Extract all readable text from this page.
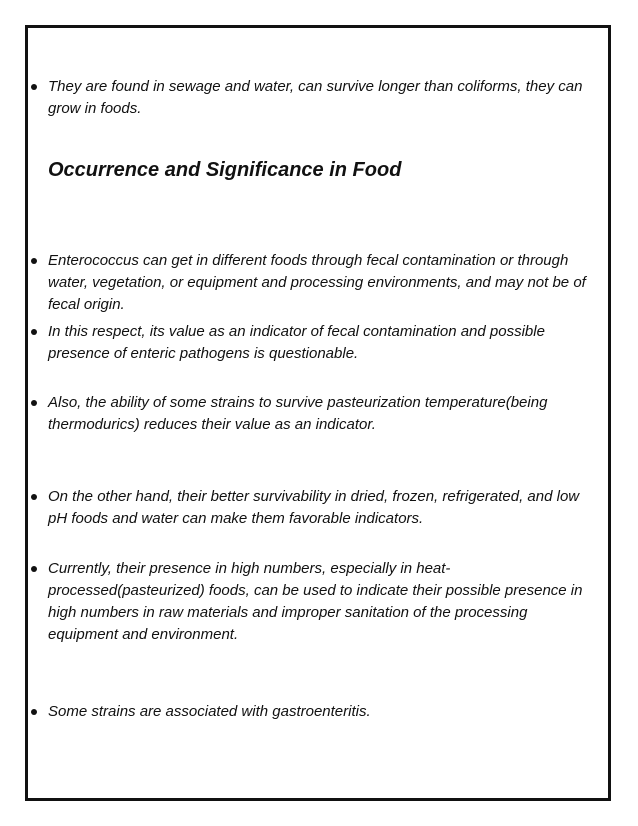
They are found in sewage and water, can survive longer than coliforms, they can grow in foods.
Occurrence and Significance in Food
Enterococcus can get in different foods through fecal contamination or through water, vegetation, or equipment and processing environments, and may not be of fecal origin.
In this respect, its value as an indicator of fecal contamination and possible presence of enteric pathogens is questionable.
Also, the ability of some strains to survive pasteurization temperature(being thermodurics) reduces their value as an indicator.
On the other hand, their better survivability in dried, frozen, refrigerated, and low pH foods and water can make them favorable indicators.
Currently, their presence in high numbers, especially in heat-processed(pasteurized) foods, can be used to indicate their possible presence in high numbers in raw materials and improper sanitation of the processing equipment and environment.
Some strains are associated with gastroenteritis.
